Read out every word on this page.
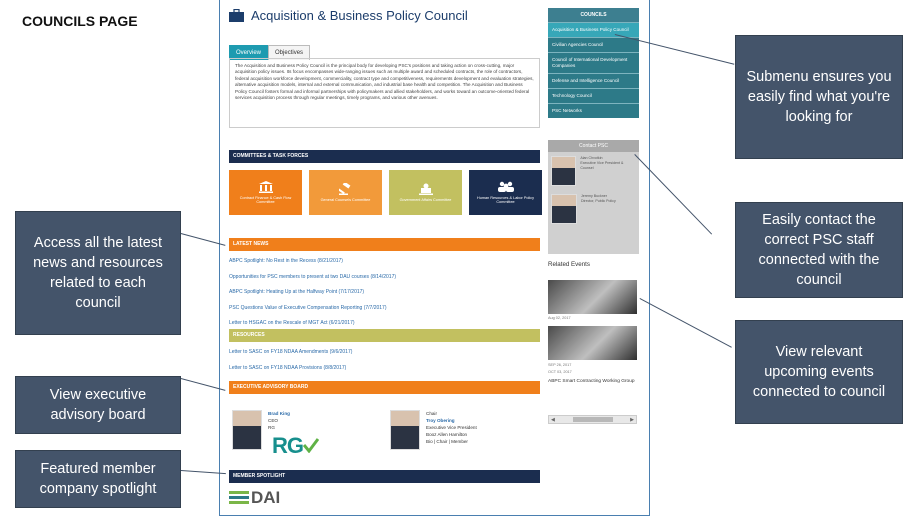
COUNCILS PAGE	Acquisition & Business Policy Council
Overview	Objectives
The Acquisition and Business Policy Council is the principal body for developing PSC's positions and taking action on cross-cutting, major acquisition policy issues. Its focus encompasses wide-ranging issues such as multiple award and scheduled contracts, the role of contractors, federal acquisition workforce development, commerciality, contract type and competitiveness, requirements development and evaluation strategies, alternative acquisition models, internal and external communication, and industrial base health and competition. The Acquisition and Business Policy Council fosters formal and informal partnerships with policymakers and allied stakeholders, and works toward an outcome-oriented federal services acquisition process through regular meetings, timely programs, and various other avenues.
COMMITTEES & TASK FORCES
Contract Finance & Cash Flow Committee	General Counsels Committee	Government Affairs Committee	Human Resources & Labor Policy Committee
LATEST NEWS
ABPC Spotlight: No Rest in the Recess (8/21/2017)
Opportunities for PSC members to present at two DAU courses (8/14/2017)
ABPC Spotlight: Heating Up at the Halfway Point (7/17/2017)
PSC Questions Value of Executive Compensation Reporting (7/7/2017)
Letter to HSGAC on the Rescale of MGT Act (6/21/2017)
RESOURCES
Letter to SASC on FY18 NDAA Amendments (9/6/2017)
Letter to SASC on FY18 NDAA Provisions (8/8/2017)
EXECUTIVE ADVISORY BOARD
Brad King
CEO
RG
RG
Chair
Troy Obering
Executive Vice President
Booz Allen Hamilton
Bio | Chair | Member
MEMBER SPOTLIGHT
DAI
COUNCILS
Acquisition & Business Policy Council
Civilian Agencies Council
Council of International Development Companies
Defense and Intelligence Council
Technology Council
PSC Networks
Contact PSC
Alan Chvotkin
Executive Vice President & Counsel
Jeremy Buckner
Director, Public Policy
Related Events
Aug 02, 2017
SEP 26, 2017
OCT 03, 2017
ABPC Smart Contracting Working Group
◀	▶
Submenu ensures you easily find what you're looking for
Easily contact the correct PSC staff connected with the council
Access all the latest news and resources related to each council
View relevant upcoming events connected to council
View executive advisory board
Featured member company spotlight
